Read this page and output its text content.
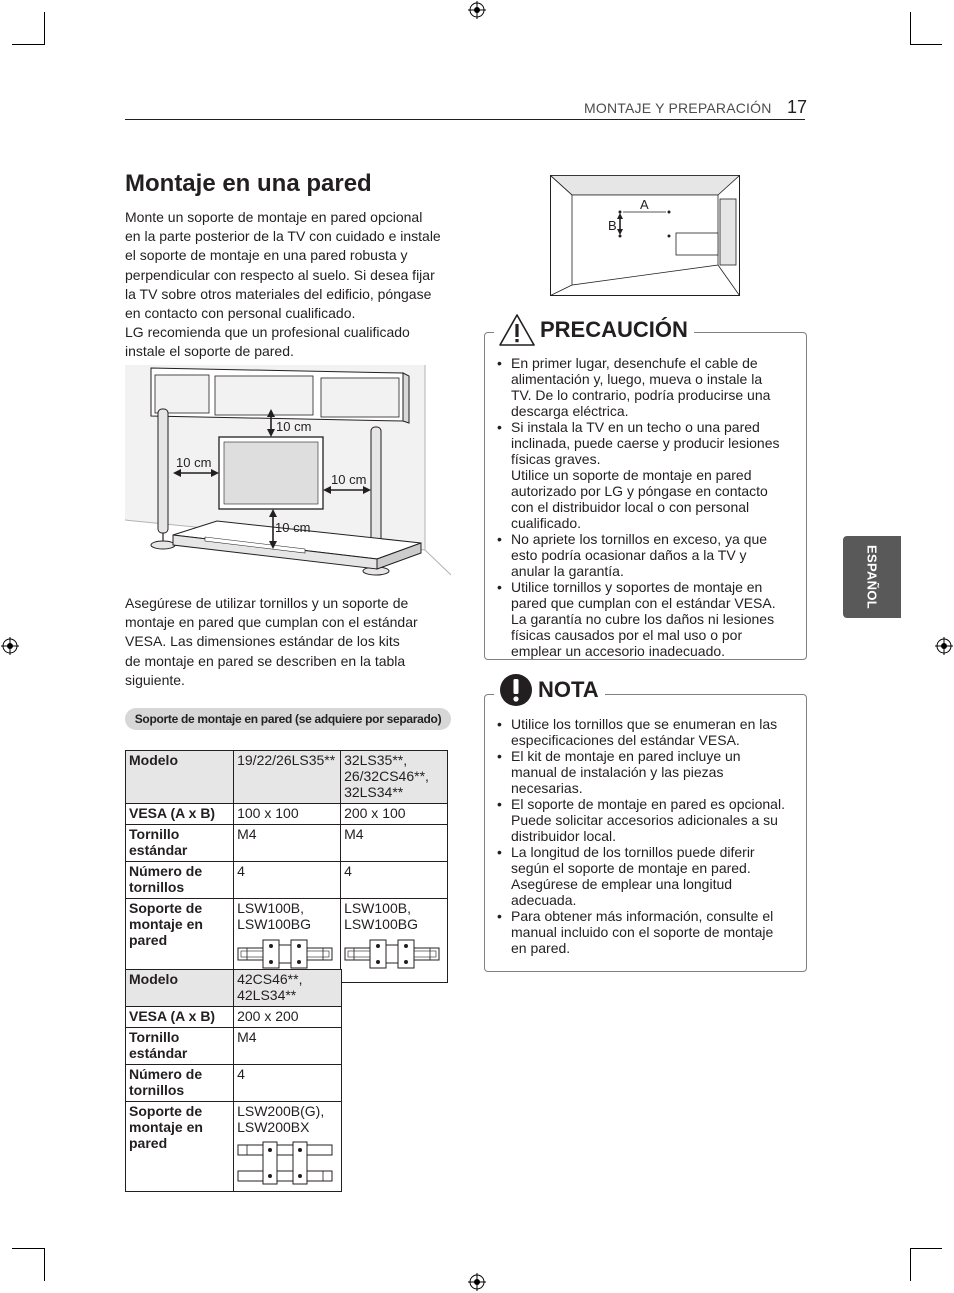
MONTAJE Y PREPARACIÓN 17
Montaje en una pared
Monte un soporte de montaje en pared opcional
en la parte posterior de la TV con cuidado e instale
el soporte de montaje en una pared robusta y
perpendicular con respecto al suelo. Si desea fijar
la TV sobre otros materiales del edificio, póngase
en contacto con personal cualificado.
LG recomienda que un profesional cualificado
instale el soporte de pared.
10 cm
10 cm
10 cm
10 cm
Asegúrese de utilizar tornillos y un soporte de
montaje en pared que cumplan con el estándar
VESA. Las dimensiones estándar de los kits
de montaje en pared se describen en la tabla
siguiente.
Soporte de montaje en pared (se adquiere por separado)
Modelo	19/22/26LS35**	32LS35**, 26/32CS46**, 32LS34**
VESA (A x B)	100 x 100	200 x 100
Tornillo estándar	M4	M4
Número de tornillos	4	4
Soporte de montaje en pared	LSW100B, LSW100BG	LSW100B, LSW100BG
Modelo	42CS46**, 42LS34**
VESA (A x B)	200 x 200
Tornillo estándar	M4
Número de tornillos	4
Soporte de montaje en pared	LSW200B(G), LSW200BX
A
B
• En primer lugar, desenchufe el cable de
alimentación y, luego, mueva o instale la
TV. De lo contrario, podría producirse una
descarga eléctrica.
• Si instala la TV en un techo o una pared
inclinada, puede caerse y producir lesiones
físicas graves.
Utilice un soporte de montaje en pared
autorizado por LG y póngase en contacto
con el distribuidor local o con personal
cualificado.
• No apriete los tornillos en exceso, ya que
esto podría ocasionar daños a la TV y
anular la garantía.
• Utilice tornillos y soportes de montaje en
pared que cumplan con el estándar VESA.
La garantía no cubre los daños ni lesiones
físicas causados por el mal uso o por
emplear un accesorio inadecuado.
PRECAUCIÓN
• Utilice los tornillos que se enumeran en las
especificaciones del estándar VESA.
• El kit de montaje en pared incluye un
manual de instalación y las piezas
necesarias.
• El soporte de montaje en pared es opcional.
Puede solicitar accesorios adicionales a su
distribuidor local.
• La longitud de los tornillos puede diferir
según el soporte de montaje en pared.
Asegúrese de emplear una longitud
adecuada.
• Para obtener más información, consulte el
manual incluido con el soporte de montaje
en pared.
NOTA
ESPAÑOL
